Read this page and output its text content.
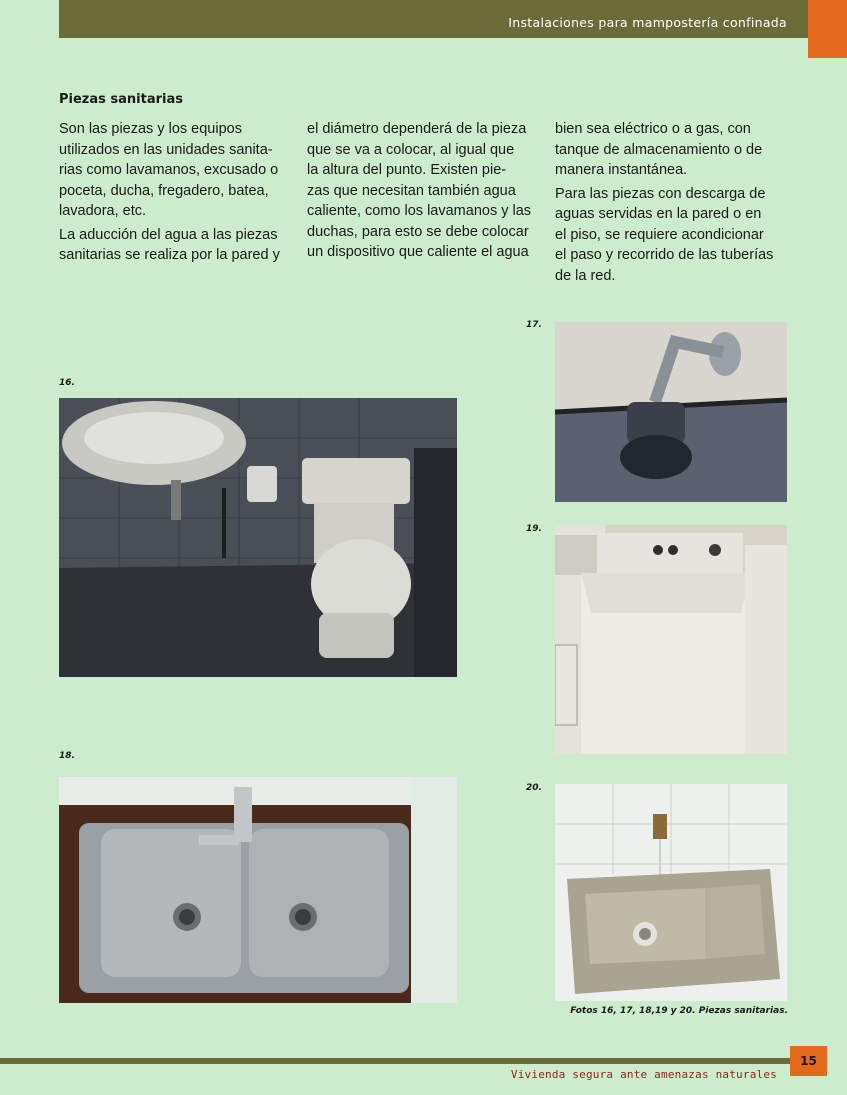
Instalaciones para mampostería confinada
Piezas sanitarias

Son las piezas y los equipos
utilizados en las unidades sanita-
rias como lavamanos, excusado o
poceta, ducha, fregadero, batea,
lavadora, etc.

La aducción del agua a las piezas
sanitarias se realiza por la pared y

el diámetro dependerá de la pieza
que se va a colocar, al igual que
la altura del punto. Existen pie-
zas que necesitan también agua
caliente, como los lavamanos y las
duchas, para esto se debe colocar
un dispositivo que caliente el agua

bien sea eléctrico o a gas, con
tanque de almacenamiento o de
manera instantánea.

Para las piezas con descarga de
aguas servidas en la pared o en
el piso, se requiere acondicionar
el paso y recorrido de las tuberías
de la red.

16.
17.
19.
18.
20.
Fotos 16, 17, 18,19 y 20. Piezas sanitarias.
15
Vivienda segura ante amenazas naturales
